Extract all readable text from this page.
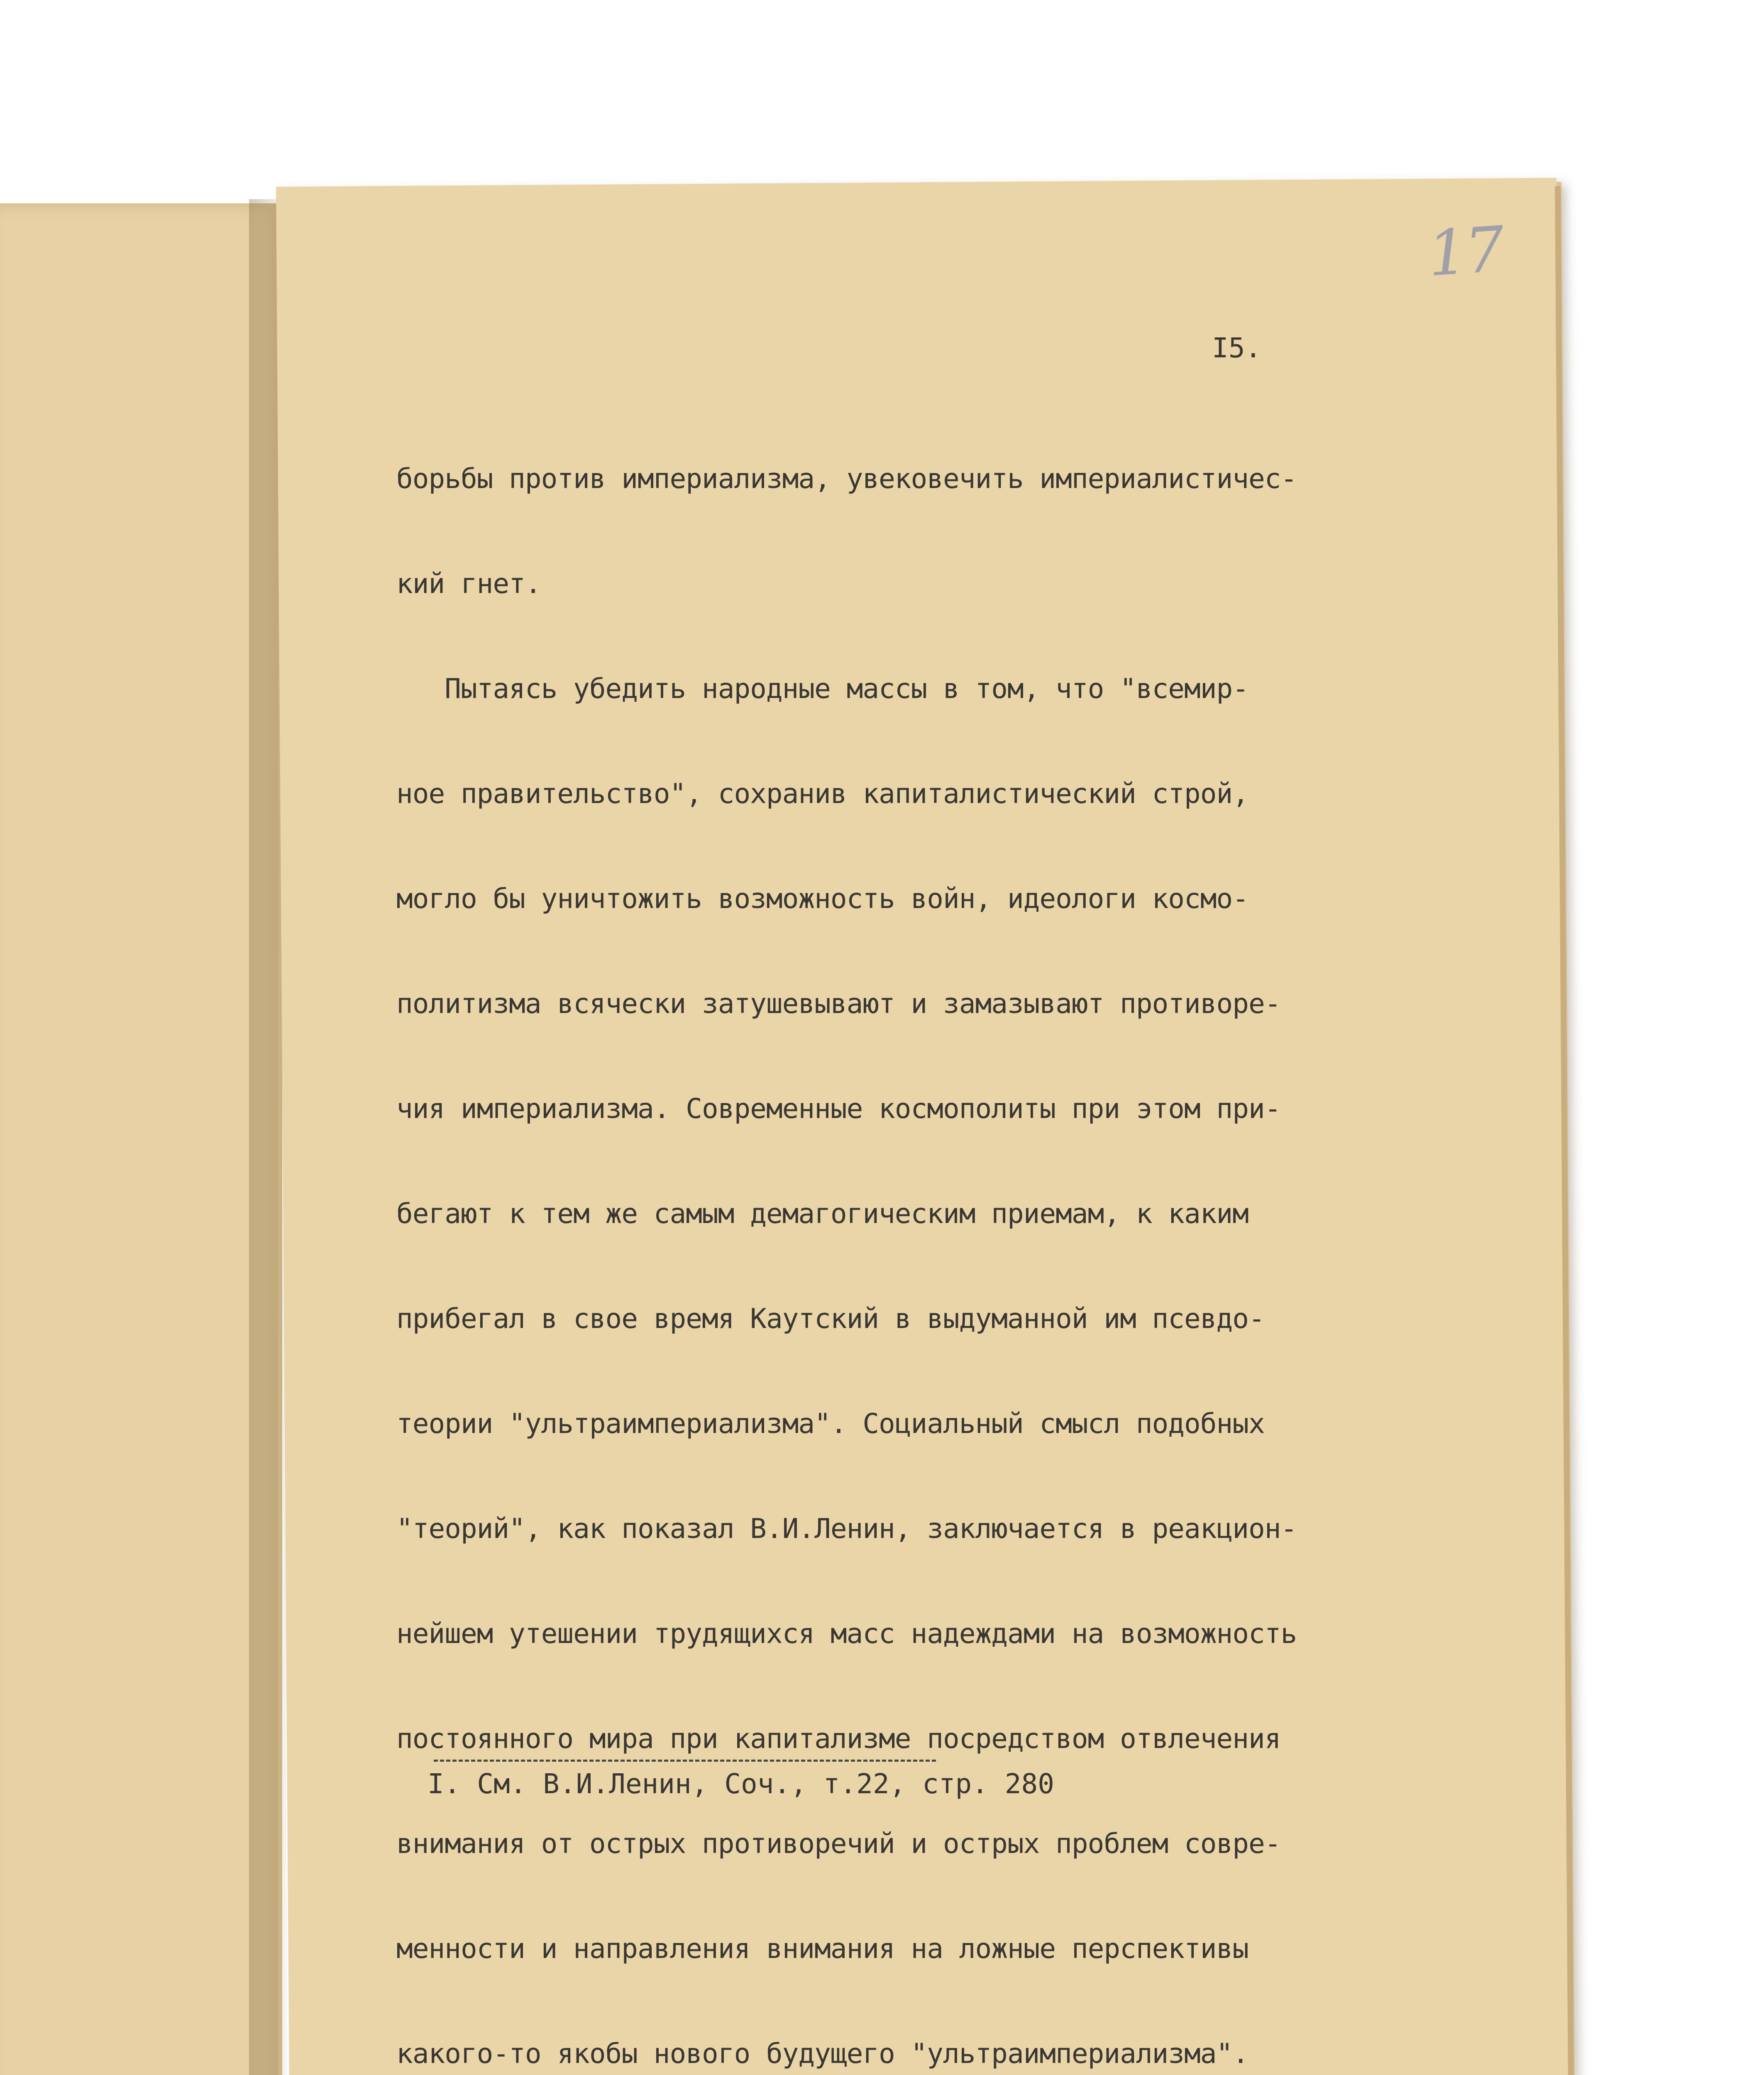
17
I5.

борьбы против империализма, увековечить империалистичес-

кий гнет.

Пытаясь убедить народные массы в том, что "всемир-

ное правительство", сохранив капиталистический строй,

могло бы уничтожить возможность войн, идеологи космо-

политизма всячески затушевывают и замазывают противоре-

чия империализма. Современные космополиты при этом при-

бегают к тем же самым демагогическим приемам, к каким

прибегал в свое время Каутский в выдуманной им псевдо-

теории "ультраимпериализма". Социальный смысл подобных

"теорий", как показал В.И.Ленин, заключается в реакцион-

нейшем утешении трудящихся масс надеждами на возможность

постоянного мира при капитализме посредством отвлечения

внимания от острых противоречий и острых проблем совре-

менности и направления внимания на ложные перспективы

какого-то якобы нового будущего "ультраимпериализма".

I. См. В.И.Ленин, Соч., т.22, стр. 280
